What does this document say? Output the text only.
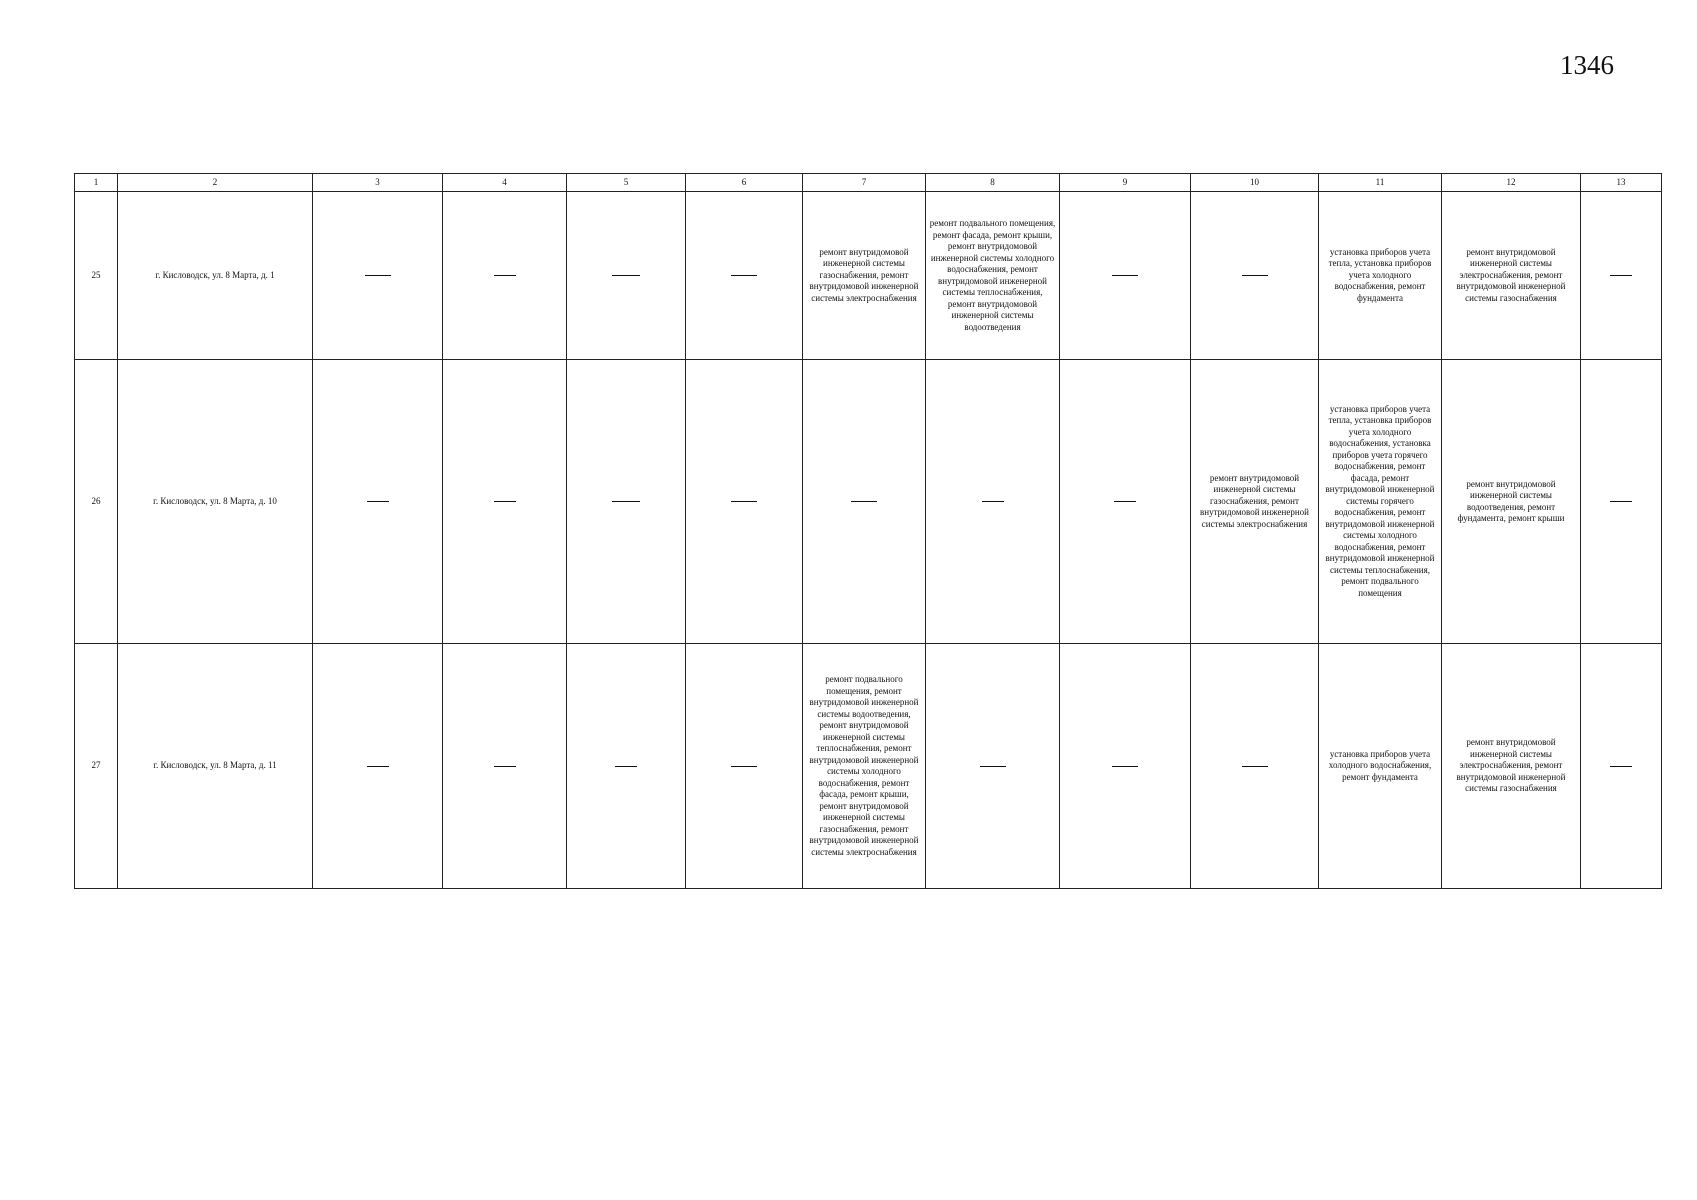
1346
1	2	3	4	5	6	7	8	9	10	11	12	13
25	г. Кисловодск, ул. 8 Марта, д. 1					ремонт внутридомовой инженерной системы газоснабжения, ремонт внутридомовой инженерной системы электроснабжения	ремонт подвального помещения, ремонт фасада, ремонт крыши, ремонт внутридомовой инженерной системы холодного водоснабжения, ремонт внутридомовой инженерной системы теплоснабжения, ремонт внутридомовой инженерной системы водоотведения			установка приборов учета тепла, установка приборов учета холодного водоснабжения, ремонт фундамента	ремонт внутридомовой инженерной системы электроснабжения, ремонт внутридомовой инженерной системы газоснабжения	
26	г. Кисловодск, ул. 8 Марта, д. 10								ремонт внутридомовой инженерной системы газоснабжения, ремонт внутридомовой инженерной системы электроснабжения	установка приборов учета тепла, установка приборов учета холодного водоснабжения, установка приборов учета горячего водоснабжения, ремонт фасада, ремонт внутридомовой инженерной системы горячего водоснабжения, ремонт внутридомовой инженерной системы холодного водоснабжения, ремонт внутридомовой инженерной системы теплоснабжения, ремонт подвального помещения	ремонт внутридомовой инженерной системы водоотведения, ремонт фундамента, ремонт крыши	
27	г. Кисловодск, ул. 8 Марта, д. 11					ремонт подвального помещения, ремонт внутридомовой инженерной системы водоотведения, ремонт внутридомовой инженерной системы теплоснабжения, ремонт внутридомовой инженерной системы холодного водоснабжения, ремонт фасада, ремонт крыши, ремонт внутридомовой инженерной системы газоснабжения, ремонт внутридомовой инженерной системы электроснабжения				установка приборов учета холодного водоснабжения, ремонт фундамента	ремонт внутридомовой инженерной системы электроснабжения, ремонт внутридомовой инженерной системы газоснабжения	
